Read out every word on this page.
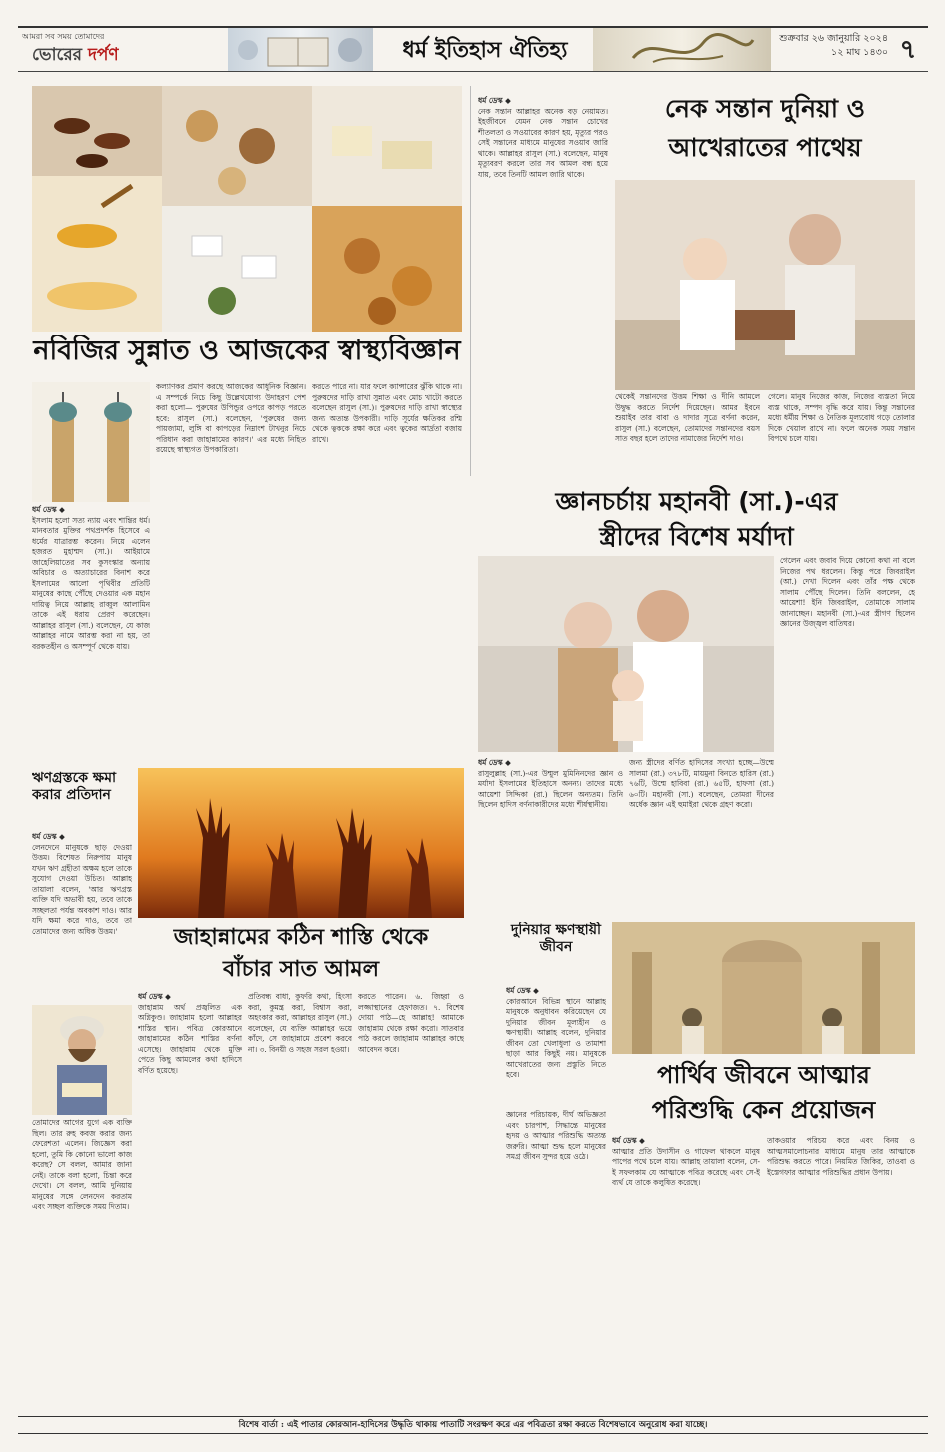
আমরা সব সময় তোমাদের
ভোরের দর্পণ	ধর্ম ইতিহাস ঐতিহ্য	শুক্রবার ২৬ জানুয়ারি ২০২৪
১২ মাঘ ১৪৩০ ৭
নবিজির সুন্নাত ও আজকের স্বাস্থ্যবিজ্ঞান
ধর্ম ডেস্ক ◆
ইসলাম হলো সত্য ন্যায় এবং শান্তির ধর্ম। মানবতার মুক্তির পথপ্রদর্শক হিসেবে এ ধর্মের যাত্রারম্ভ করেন। নিয়ে এলেন হজরত মুহাম্মদ (সা.)। আইয়ামে জাহেলিয়াতের সব কুসংস্কার অন্যায় অবিচার ও অত্যাচারের বিনাশ করে ইসলামের আলো পৃথিবীর প্রতিটি মানুষের কাছে পৌঁছে দেওয়ার এক মহান দায়িত্ব নিয়ে আল্লাহ রাব্বুল আলামিন তাকে এই ধরায় প্রেরণ করেছেন। আল্লাহর রাসুল (সা.) বলেছেন, যে কাজ আল্লাহর নামে আরম্ভ করা না হয়, তা বরকতহীন ও অসম্পূর্ণ থেকে যায়।
কল্যাণকর প্রমাণ করছে আজকের আধুনিক বিজ্ঞান। এ সম্পর্কে নিচে কিছু উল্লেখযোগ্য উদাহরণ পেশ করা হলো— পুরুষের উপিন্ডুর ওপরে কাপড় পরতে হবে: রাসুল (সা.) বলেছেন, 'পুরুষের জন্য পায়জামা, লুঙ্গি বা কাপড়ের নিম্নাংশ টাখনুর নিচে পরিধান করা জাহান্নামের কারণ।' এর মধ্যে নিহিত রয়েছে স্বাস্থ্যগত উপকারিতা।
করতে পারে না। যার ফলে ক্যান্সারের ঝুঁকি থাকে না। পুরুষদের দাড়ি রাখা সুন্নাত এবং মোচ খাটো করতে বলেছেন রাসুল (সা.)। পুরুষদের দাড়ি রাখা স্বাস্থ্যের জন্য অত্যন্ত উপকারী। দাড়ি সূর্যের ক্ষতিকর রশ্মি থেকে ত্বককে রক্ষা করে এবং ত্বকের আর্দ্রতা বজায় রাখে।
ধর্ম ডেস্ক ◆
নেক সন্তান আল্লাহর অনেক বড় নেয়ামত। ইহজীবনে যেমন নেক সন্তান চোখের শীতলতা ও সওয়াবের কারণ হয়, মৃত্যুর পরও সেই সন্তানের মাধ্যমে মানুষের সওয়াব জারি থাকে। আল্লাহর রাসুল (সা.) বলেছেন, মানুষ মৃত্যুবরণ করলে তার সব আমল বন্ধ হয়ে যায়, তবে তিনটি আমল জারি থাকে।
নেক সন্তান দুনিয়া ও আখেরাতের পাথেয়
থেকেই সন্তানদের উত্তম শিক্ষা ও দীনি আমলে উদ্বুদ্ধ করতে নির্দেশ দিয়েছেন। আমর ইবনে শুয়াইব তার বাবা ও দাদার সূত্রে বর্ণনা করেন, রাসুল (সা.) বলেছেন, তোমাদের সন্তানদের বয়স সাত বছর হলে তাদের নামাজের নির্দেশ দাও।
গেলে। মানুষ নিজের কাজ, নিজের ব্যস্ততা নিয়ে ব্যস্ত থাকে, সম্পদ বৃদ্ধি করে যায়। কিন্তু সন্তানের মধ্যে ধর্মীয় শিক্ষা ও নৈতিক মূল্যবোধ গড়ে তোলার দিকে খেয়াল রাখে না। ফলে অনেক সময় সন্তান বিপথে চলে যায়।
জ্ঞানচর্চায় মহানবী (সা.)-এর
স্ত্রীদের বিশেষ মর্যাদা
গেলেন এবং জবাব দিয়ে কোনো কথা না বলে নিজের পথ ধরলেন। কিন্তু পরে জিবরাইল (আ.) দেখা দিলেন এবং তাঁর পক্ষ থেকে সালাম পৌঁছে দিলেন। তিনি বললেন, হে আয়েশা! ইনি জিবরাইল, তোমাকে সালাম জানাচ্ছেন। মহানবী (সা.)-এর স্ত্রীগণ ছিলেন জ্ঞানের উজ্জ্বল বাতিঘর।
ধর্ম ডেস্ক ◆
রাসুলুল্লাহ (সা.)-এর উম্মুল মুমিনিনদের জ্ঞান ও মর্যাদা ইসলামের ইতিহাসে অনন্য। তাদের মধ্যে আয়েশা সিদ্দিকা (রা.) ছিলেন অন্যতম। তিনি ছিলেন হাদিস বর্ণনাকারীদের মধ্যে শীর্ষস্থানীয়।
জন্য স্ত্রীদের বর্ণিত হাদিসের সংখ্যা হচ্ছে—উম্মে সালমা (রা.) ৩৭৮টি, মায়মুনা বিনতে হারিস (রা.) ৭৬টি, উম্মে হাবিবা (রা.) ৬৫টি, হাফসা (রা.) ৬০টি। মহানবী (সা.) বলেছেন, তোমরা দীনের অর্ধেক জ্ঞান এই হুমাইরা থেকে গ্রহণ করো।
ঋণগ্রস্তকে ক্ষমা করার প্রতিদান
ধর্ম ডেস্ক ◆
লেনদেনে মানুষকে ছাড় দেওয়া উত্তম। বিশেষত নিরুপায় মানুষ যখন ঋণ গ্রহীতা অক্ষম হলে তাকে সুযোগ দেওয়া উচিত। আল্লাহ তায়ালা বলেন, 'আর ঋণগ্রস্ত ব্যক্তি যদি অভাবী হয়, তবে তাকে সচ্ছলতা পর্যন্ত অবকাশ দাও। আর যদি ক্ষমা করে দাও, তবে তা তোমাদের জন্য অধিক উত্তম।'
তোমাদের আগের যুগে এক ব্যক্তি ছিল। তার রুহ কবজ করার জন্য ফেরেশতা এলেন। জিজ্ঞেস করা হলো, তুমি কি কোনো ভালো কাজ করেছ? সে বলল, আমার জানা নেই। তাকে বলা হলো, চিন্তা করে দেখো। সে বলল, আমি দুনিয়ায় মানুষের সঙ্গে লেনদেন করতাম এবং সচ্ছল ব্যক্তিকে সময় দিতাম।
জাহান্নামের কঠিন শাস্তি থেকে
বাঁচার সাত আমল
ধর্ম ডেস্ক ◆
জাহান্নাম অর্থ প্রজ্বলিত এক অগ্নিকুণ্ড। জাহান্নাম হলো আল্লাহর শাস্তির স্থান। পবিত্র কোরআনে জাহান্নামের কঠিন শাস্তির বর্ণনা এসেছে। জাহান্নাম থেকে মুক্তি পেতে কিছু আমলের কথা হাদিসে বর্ণিত হয়েছে।
প্রতিবন্ধ বাধা, কুফরি কথা, হিংসা করা, কুমন্ত্র করা, বিশ্বাস করা, অহংকার করা, আল্লাহর রাসুল (সা.) বলেছেন, যে ব্যক্তি আল্লাহর ভয়ে কাঁদে, সে জাহান্নামে প্রবেশ করবে না। ৩. বিনয়ী ও সহজ সরল হওয়া।
করতে পারেন। ৬. জিহ্বা ও লজ্জাস্থানের হেফাজত। ৭. বিশেষ দোয়া পাঠ—হে আল্লাহ! আমাকে জাহান্নাম থেকে রক্ষা করো। সাতবার পাঠ করলে জাহান্নাম আল্লাহর কাছে আবেদন করে।
দুনিয়ার ক্ষণস্থায়ী জীবন
ধর্ম ডেস্ক ◆
কোরআনে বিভিন্ন স্থানে আল্লাহ মানুষকে অনুধাবন করিয়েছেন যে দুনিয়ার জীবন মূল্যহীন ও ক্ষণস্থায়ী। আল্লাহ বলেন, দুনিয়ার জীবন তো খেলাধুলা ও তামাশা ছাড়া আর কিছুই নয়। মানুষকে আখেরাতের জন্য প্রস্তুতি নিতে হবে।	পার্থিব জীবনে আত্মার
পরিশুদ্ধি কেন প্রয়োজন
জ্ঞানের পরিচায়ক, দীর্ঘ অভিজ্ঞতা এবং চারপাশ, সিদ্ধান্তে মানুষের হৃদয় ও আত্মার পরিশুদ্ধি অত্যন্ত জরুরি। আত্মা শুদ্ধ হলে মানুষের সমগ্র জীবন সুন্দর হয়ে ওঠে।
ধর্ম ডেস্ক ◆
আত্মার প্রতি উদাসীন ও গাফেল থাকলে মানুষ পাপের পথে চলে যায়। আল্লাহ তায়ালা বলেন, সে-ই সফলকাম যে আত্মাকে পবিত্র করেছে এবং সে-ই ব্যর্থ যে তাকে কলুষিত করেছে।
তাকওয়ার পরিচয় করে এবং বিনয় ও আত্মসমালোচনার মাধ্যমে মানুষ তার আত্মাকে পরিশুদ্ধ করতে পারে। নিয়মিত জিকির, তাওবা ও ইস্তেগফার আত্মার পরিশুদ্ধির প্রধান উপায়।
বিশেষ বার্তা : এই পাতার কোরআন-হাদিসের উদ্ধৃতি থাকায় পাতাটি সংরক্ষণ করে এর পবিত্রতা রক্ষা করতে বিশেষভাবে অনুরোধ করা যাচ্ছে।
